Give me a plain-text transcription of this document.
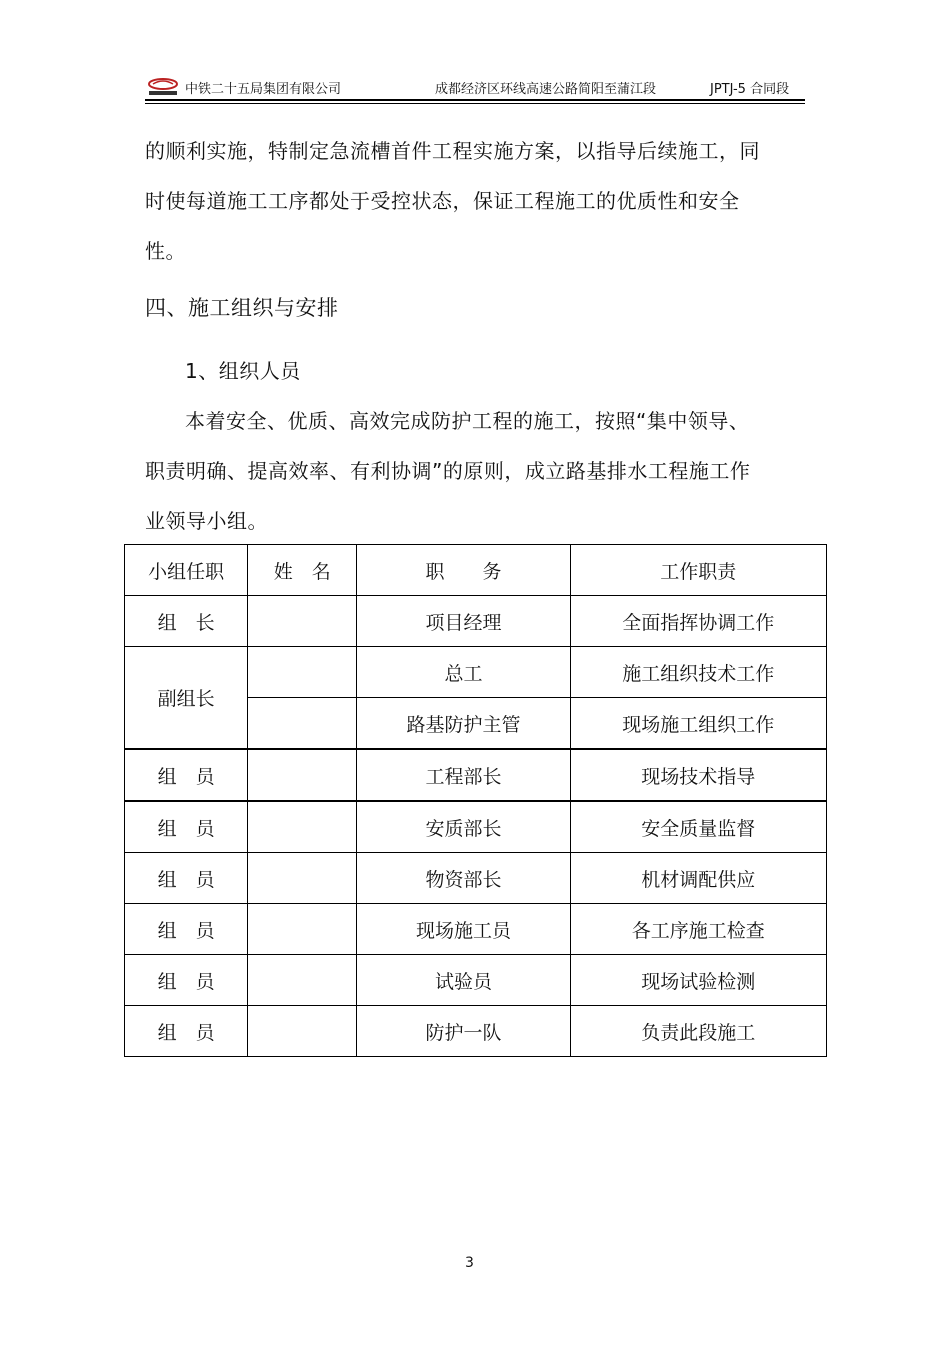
中铁二十五局集团有限公司	成都经济区环线高速公路简阳至蒲江段	JPTJ-5 合同段
的顺利实施，特制定急流槽首件工程实施方案，以指导后续施工，同
时使每道施工工序都处于受控状态，保证工程施工的优质性和安全
性。
四、施工组织与安排
1、组织人员
本着安全、优质、高效完成防护工程的施工，按照“集中领导、
职责明确、提高效率、有利协调”的原则，成立路基排水工程施工作
业领导小组。
小组任职	姓　名	职　　务	工作职责
组　长		项目经理	全面指挥协调工作
副组长		总工	施工组织技术工作
		路基防护主管	现场施工组织工作
组　员		工程部长	现场技术指导
组　员		安质部长	安全质量监督
组　员		物资部长	机材调配供应
组　员		现场施工员	各工序施工检查
组　员		试验员	现场试验检测
组　员		防护一队	负责此段施工
3
